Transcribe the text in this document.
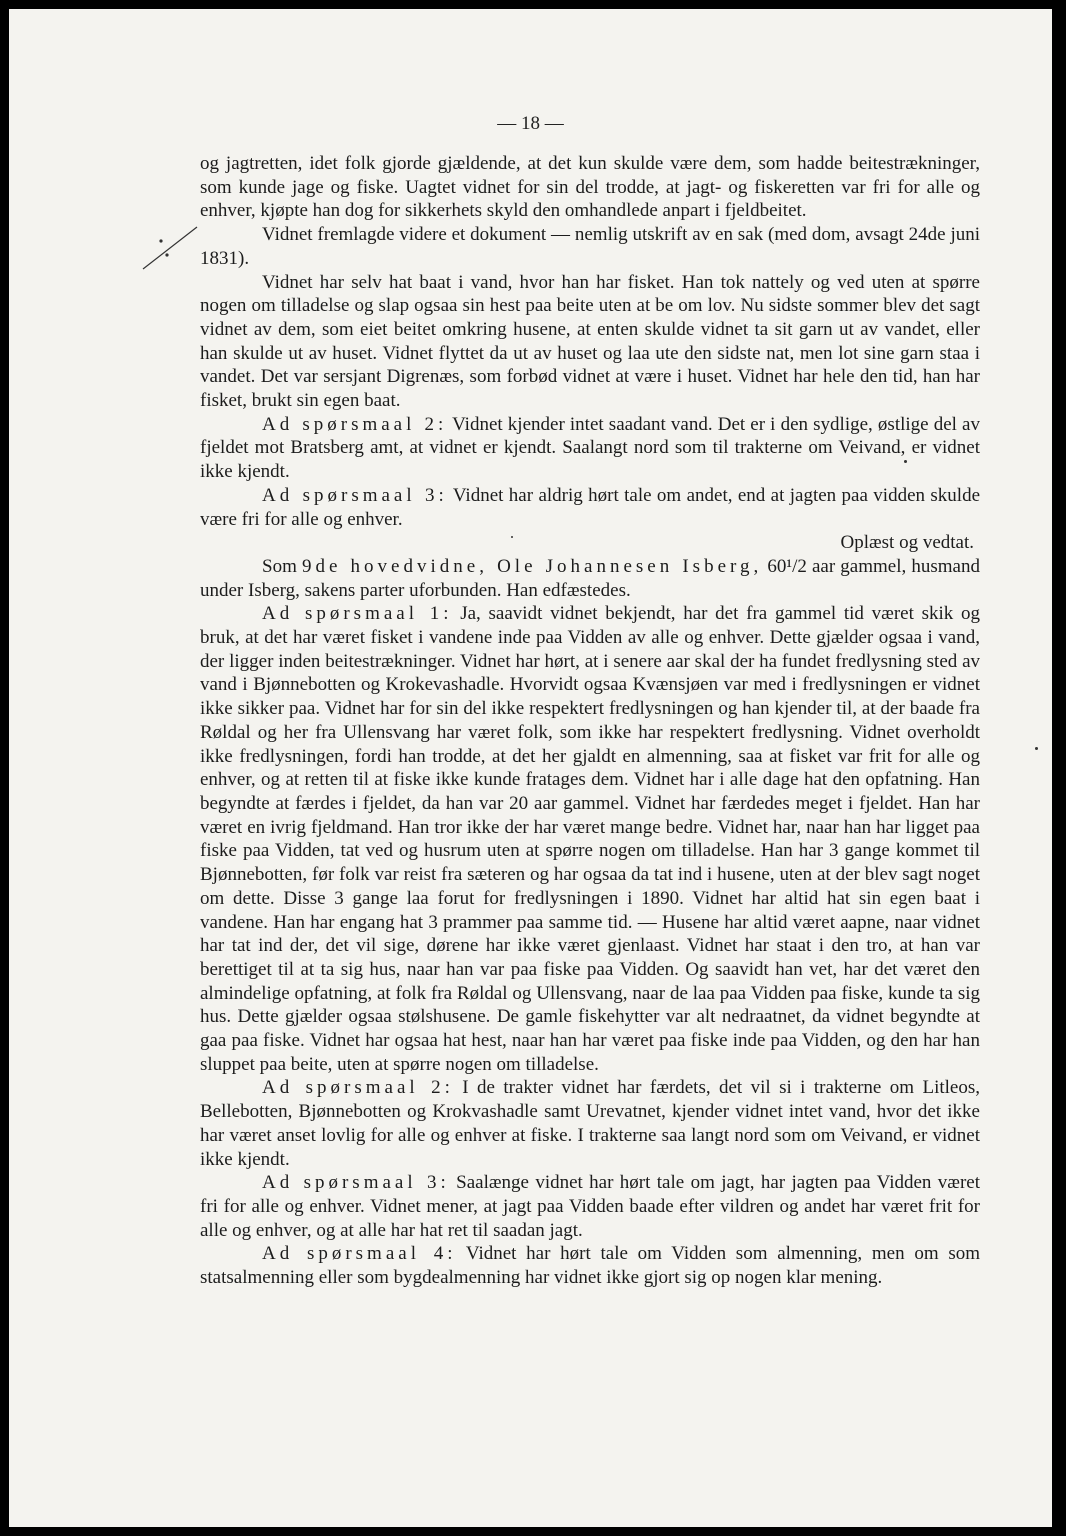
— 18 —

og jagtretten, idet folk gjorde gjældende, at det kun skulde være dem, som hadde beitestrækninger, som kunde jage og fiske. Uagtet vidnet for sin del trodde, at jagt- og fiskeretten var fri for alle og enhver, kjøpte han dog for sikkerhets skyld den omhandlede anpart i fjeldbeitet.

Vidnet fremlagde videre et dokument — nemlig utskrift av en sak (med dom, avsagt 24de juni 1831).

Vidnet har selv hat baat i vand, hvor han har fisket. Han tok nattely og ved uten at spørre nogen om tilladelse og slap ogsaa sin hest paa beite uten at be om lov. Nu sidste sommer blev det sagt vidnet av dem, som eiet beitet omkring husene, at enten skulde vidnet ta sit garn ut av vandet, eller han skulde ut av huset. Vidnet flyttet da ut av huset og laa ute den sidste nat, men lot sine garn staa i vandet. Det var sersjant Digrenæs, som forbød vidnet at være i huset. Vidnet har hele den tid, han har fisket, brukt sin egen baat.

Ad spørsmaal 2: Vidnet kjender intet saadant vand. Det er i den sydlige, østlige del av fjeldet mot Bratsberg amt, at vidnet er kjendt. Saalangt nord som til trakterne om Veivand, er vidnet ikke kjendt.

Ad spørsmaal 3: Vidnet har aldrig hørt tale om andet, end at jagten paa vidden skulde være fri for alle og enhver.

Oplæst og vedtat.

Som 9de hovedvidne, Ole Johannesen Isberg, 60¹/2 aar gammel, husmand under Isberg, sakens parter uforbunden. Han edfæstedes.

Ad spørsmaal 1: Ja, saavidt vidnet bekjendt, har det fra gammel tid været skik og bruk, at det har været fisket i vandene inde paa Vidden av alle og enhver. Dette gjælder ogsaa i vand, der ligger inden beitestrækninger. Vidnet har hørt, at i senere aar skal der ha fundet fredlysning sted av vand i Bjønnebotten og Krokevashadle. Hvorvidt ogsaa Kvænsjøen var med i fredlysningen er vidnet ikke sikker paa. Vidnet har for sin del ikke respektert fredlysningen og han kjender til, at der baade fra Røldal og her fra Ullensvang har været folk, som ikke har respektert fredlysning. Vidnet overholdt ikke fredlysningen, fordi han trodde, at det her gjaldt en almenning, saa at fisket var frit for alle og enhver, og at retten til at fiske ikke kunde fratages dem. Vidnet har i alle dage hat den opfatning. Han begyndte at færdes i fjeldet, da han var 20 aar gammel. Vidnet har færdedes meget i fjeldet. Han har været en ivrig fjeldmand. Han tror ikke der har været mange bedre. Vidnet har, naar han har ligget paa fiske paa Vidden, tat ved og husrum uten at spørre nogen om tilladelse. Han har 3 gange kommet til Bjønnebotten, før folk var reist fra sæteren og har ogsaa da tat ind i husene, uten at der blev sagt noget om dette. Disse 3 gange laa forut for fredlysningen i 1890. Vidnet har altid hat sin egen baat i vandene. Han har engang hat 3 prammer paa samme tid. — Husene har altid været aapne, naar vidnet har tat ind der, det vil sige, dørene har ikke været gjenlaast. Vidnet har staat i den tro, at han var berettiget til at ta sig hus, naar han var paa fiske paa Vidden. Og saavidt han vet, har det været den almindelige opfatning, at folk fra Røldal og Ullensvang, naar de laa paa Vidden paa fiske, kunde ta sig hus. Dette gjælder ogsaa stølshusene. De gamle fiskehytter var alt nedraatnet, da vidnet begyndte at gaa paa fiske. Vidnet har ogsaa hat hest, naar han har været paa fiske inde paa Vidden, og den har han sluppet paa beite, uten at spørre nogen om tilladelse.

Ad spørsmaal 2: I de trakter vidnet har færdets, det vil si i trakterne om Litleos, Bellebotten, Bjønnebotten og Krokvashadle samt Urevatnet, kjender vidnet intet vand, hvor det ikke har været anset lovlig for alle og enhver at fiske. I trakterne saa langt nord som om Veivand, er vidnet ikke kjendt.

Ad spørsmaal 3: Saalænge vidnet har hørt tale om jagt, har jagten paa Vidden været fri for alle og enhver. Vidnet mener, at jagt paa Vidden baade efter vildren og andet har været frit for alle og enhver, og at alle har hat ret til saadan jagt.

Ad spørsmaal 4: Vidnet har hørt tale om Vidden som almenning, men om som statsalmenning eller som bygdealmenning har vidnet ikke gjort sig op nogen klar mening.
